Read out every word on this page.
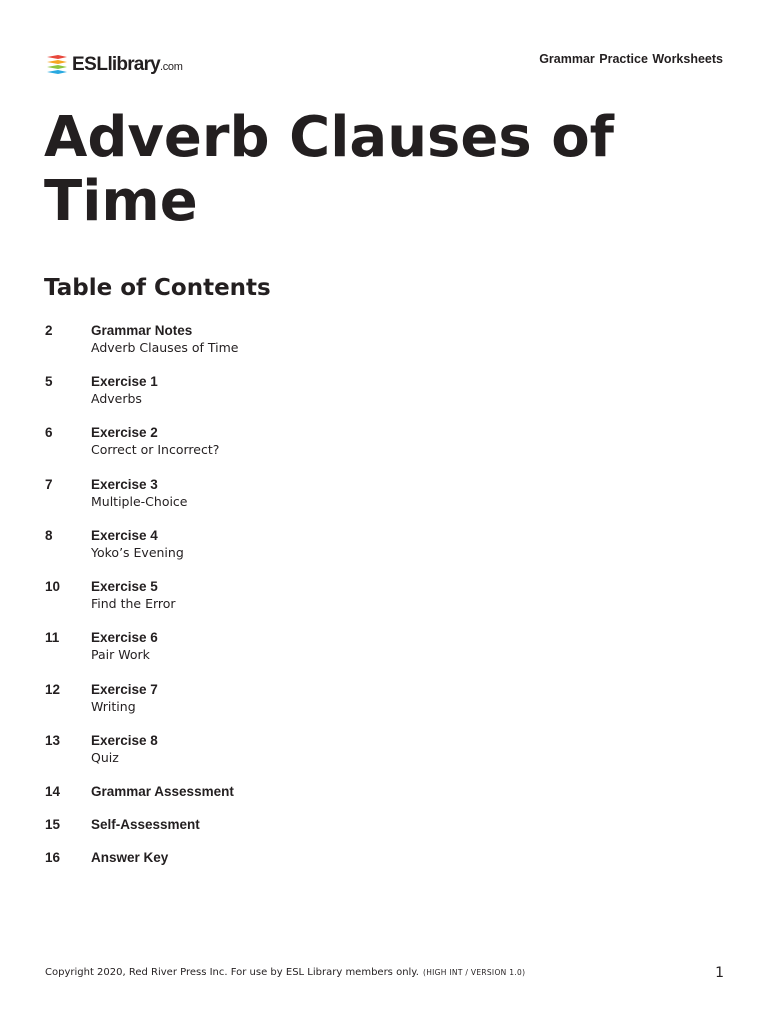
ESL library .com
Grammar Practice Worksheets
Adverb Clauses of Time
Table of Contents
2	Grammar Notes
Adverb Clauses of Time
5	Exercise 1
Adverbs
6	Exercise 2
Correct or Incorrect?
7	Exercise 3
Multiple-Choice
8	Exercise 4
Yoko’s Evening
10 Exercise 5
Find the Error
11 Exercise 6
Pair Work
12 Exercise 7
Writing
13 Exercise 8
Quiz
14 Grammar Assessment
15 Self-Assessment
16 Answer Key
Copyright 2020, Red River Press Inc. For use by ESL Library members only. (HIGH INT / VERSION 1.0)	1
